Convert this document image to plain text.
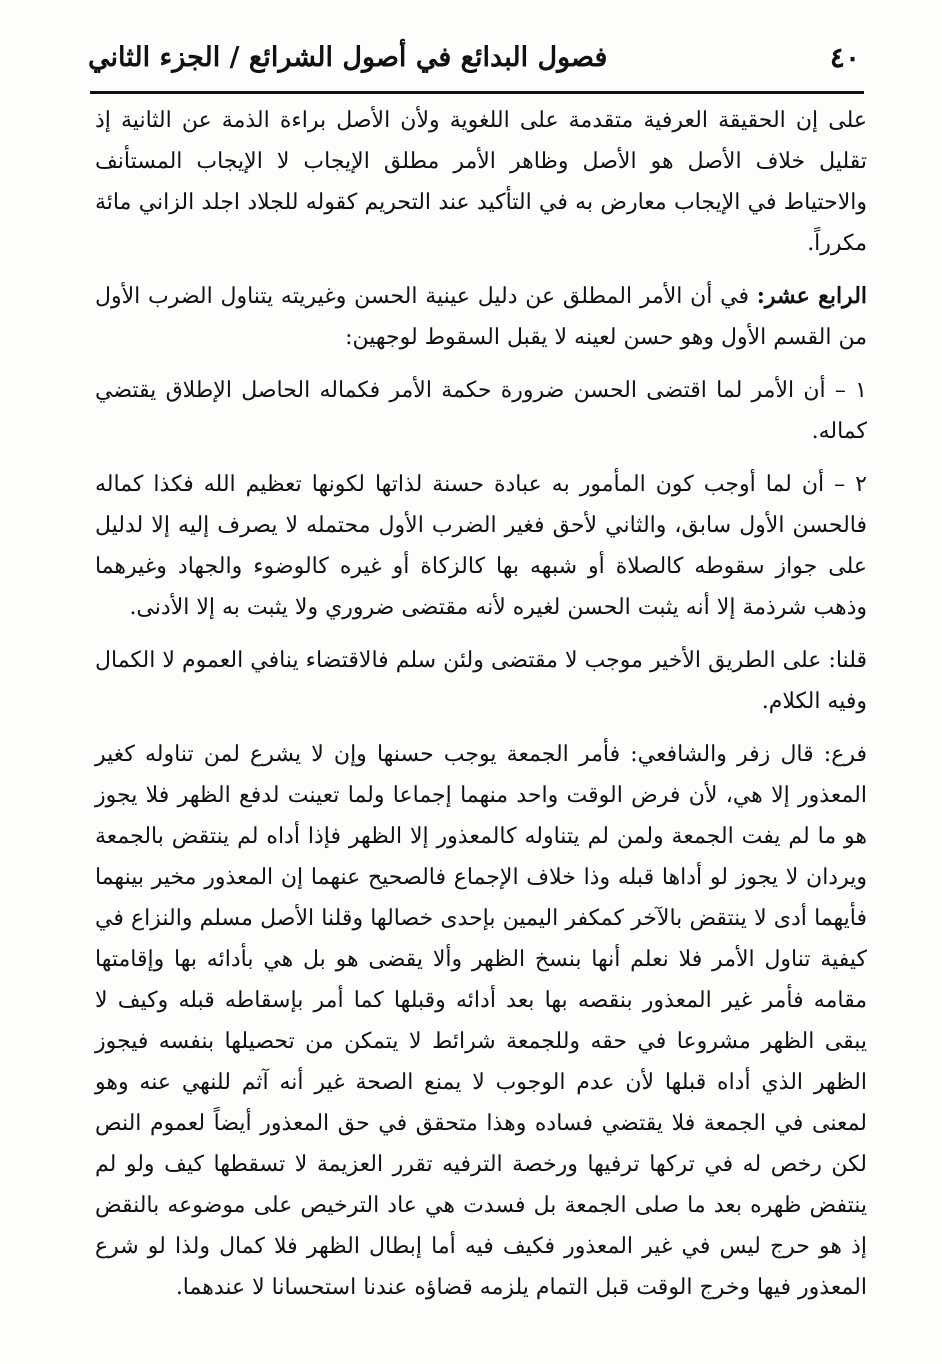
٤٠
فصول البدائع في أصول الشرائع / الجزء الثاني

على إن الحقيقة العرفية متقدمة على اللغوية ولأن الأصل براءة الذمة عن الثانية إذ تقليل خلاف الأصل هو الأصل وظاهر الأمر مطلق الإيجاب لا الإيجاب المستأنف والاحتياط في الإيجاب معارض به في التأكيد عند التحريم كقوله للجلاد اجلد الزاني مائة مكرراً.

الرابع عشر: في أن الأمر المطلق عن دليل عينية الحسن وغيريته يتناول الضرب الأول من القسم الأول وهو حسن لعينه لا يقبل السقوط لوجهين:

١ – أن الأمر لما اقتضى الحسن ضرورة حكمة الأمر فكماله الحاصل الإطلاق يقتضي كماله.

٢ – أن لما أوجب كون المأمور به عبادة حسنة لذاتها لكونها تعظيم الله فكذا كماله فالحسن الأول سابق، والثاني لأحق فغير الضرب الأول محتمله لا يصرف إليه إلا لدليل على جواز سقوطه كالصلاة أو شبهه بها كالزكاة أو غيره كالوضوء والجهاد وغيرهما وذهب شرذمة إلا أنه يثبت الحسن لغيره لأنه مقتضى ضروري ولا يثبت به إلا الأدنى.

قلنا: على الطريق الأخير موجب لا مقتضى ولئن سلم فالاقتضاء ينافي العموم لا الكمال وفيه الكلام.

فرع: قال زفر والشافعي: فأمر الجمعة يوجب حسنها وإن لا يشرع لمن تناوله كغير المعذور إلا هي، لأن فرض الوقت واحد منهما إجماعا ولما تعينت لدفع الظهر فلا يجوز هو ما لم يفت الجمعة ولمن لم يتناوله كالمعذور إلا الظهر فإذا أداه لم ينتقض بالجمعة ويردان لا يجوز لو أداها قبله وذا خلاف الإجماع فالصحيح عنهما إن المعذور مخير بينهما فأيهما أدى لا ينتقض بالآخر كمكفر اليمين بإحدى خصالها وقلنا الأصل مسلم والنزاع في كيفية تناول الأمر فلا نعلم أنها بنسخ الظهر وألا يقضى هو بل هي بأدائه بها وإقامتها مقامه فأمر غير المعذور بنقصه بها بعد أدائه وقبلها كما أمر بإسقاطه قبله وكيف لا يبقى الظهر مشروعا في حقه وللجمعة شرائط لا يتمكن من تحصيلها بنفسه فيجوز الظهر الذي أداه قبلها لأن عدم الوجوب لا يمنع الصحة غير أنه آثم للنهي عنه وهو لمعنى في الجمعة فلا يقتضي فساده وهذا متحقق في حق المعذور أيضاً لعموم النص لكن رخص له في تركها ترفيها ورخصة الترفيه تقرر العزيمة لا تسقطها كيف ولو لم ينتفض ظهره بعد ما صلى الجمعة بل فسدت هي عاد الترخيص على موضوعه بالنقض إذ هو حرج ليس في غير المعذور فكيف فيه أما إبطال الظهر فلا كمال ولذا لو شرع المعذور فيها وخرج الوقت قبل التمام يلزمه قضاؤه عندنا استحسانا لا عندهما.
